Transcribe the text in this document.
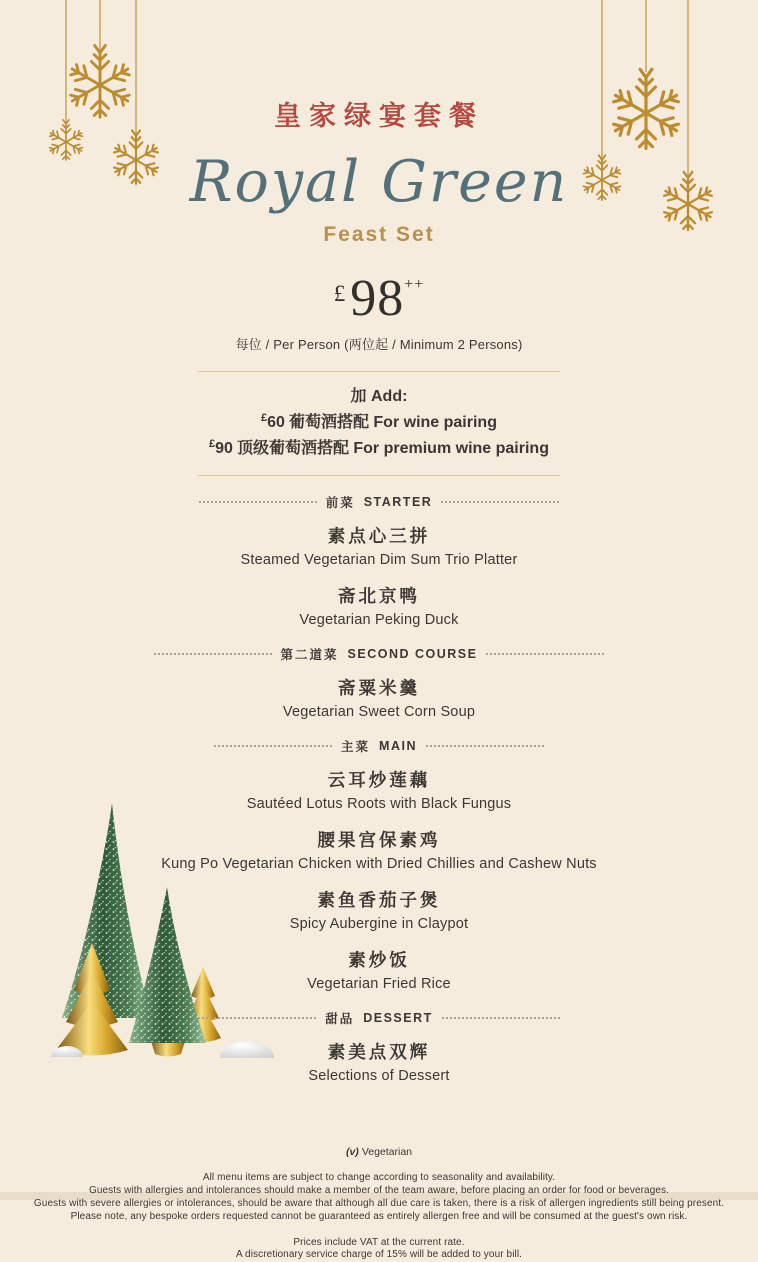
皇家绿宴套餐
Royal Green
Feast Set
£98++
每位 / Per Person (两位起 / Minimum 2 Persons)
加 Add:
£60 葡萄酒搭配 For wine pairing
£90 顶级葡萄酒搭配 For premium wine pairing
前菜 STARTER
素点心三拼
Steamed Vegetarian Dim Sum Trio Platter
斋北京鸭
Vegetarian Peking Duck
第二道菜 SECOND COURSE
斋粟米羹
Vegetarian Sweet Corn Soup
主菜 MAIN
云耳炒莲藕
Sautéed Lotus Roots with Black Fungus
腰果宫保素鸡
Kung Po Vegetarian Chicken with Dried Chillies and Cashew Nuts
素鱼香茄子煲
Spicy Aubergine in Claypot
素炒饭
Vegetarian Fried Rice
甜品 DESSERT
素美点双辉
Selections of Dessert
(v) Vegetarian
All menu items are subject to change according to seasonality and availability.
Guests with allergies and intolerances should make a member of the team aware, before placing an order for food or beverages.
Guests with severe allergies or intolerances, should be aware that although all due care is taken, there is a risk of allergen ingredients still being present.
Please note, any bespoke orders requested cannot be guaranteed as entirely allergen free and will be consumed at the guest's own risk.
Prices include VAT at the current rate.
A discretionary service charge of 15% will be added to your bill.
